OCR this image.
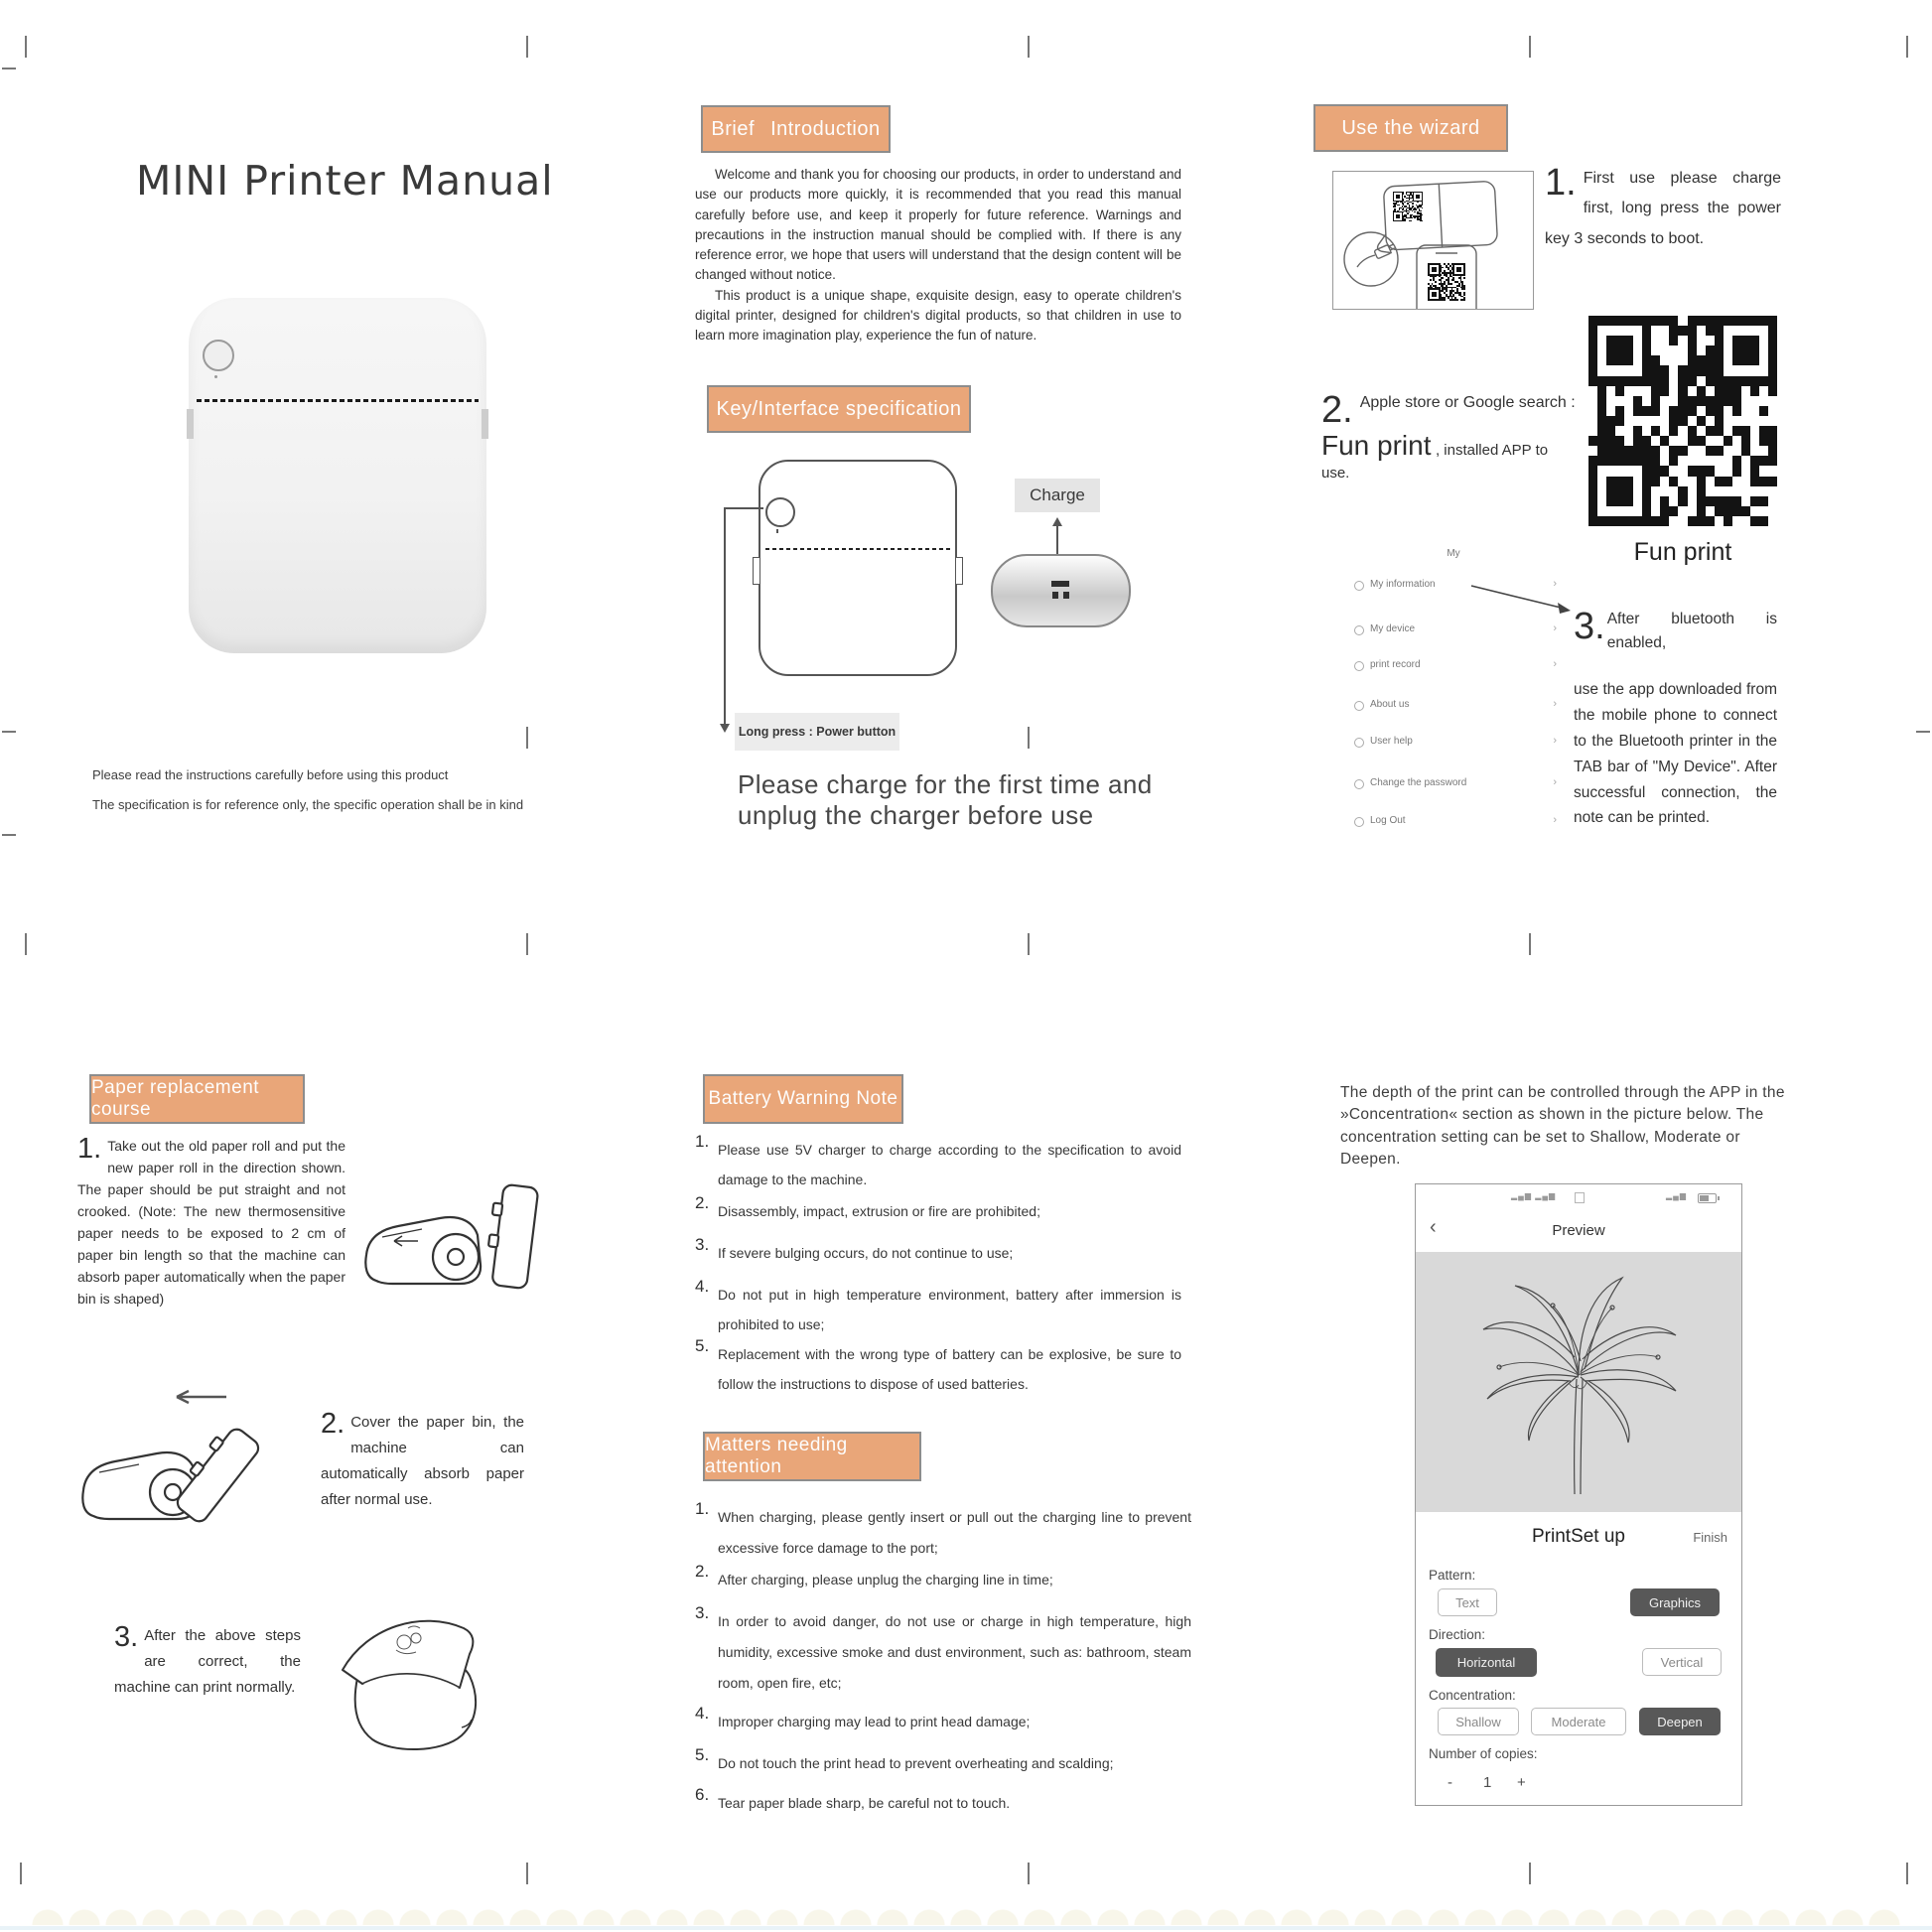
MINI Printer Manual
Please read the instructions carefully before using this product
The specification is for reference only, the specific operation shall be in kind
Brief Introduction

Welcome and thank you for choosing our products, in order to understand and use our products more quickly, it is recommended that you read this manual carefully before use, and keep it properly for future reference. Warnings and precautions in the instruction manual should be complied with. If there is any reference error, we hope that users will understand that the design content will be changed without notice.

This product is a unique shape, exquisite design, easy to operate children's digital printer, designed for children's digital products, so that children in use to learn more imagination play, experience the fun of nature.

Key/Interface specification
Long press : Power button
Charge
Please charge for the first time and unplug the charger before use
Use the wizard
1. First use please charge first, long press the power key 3 seconds to boot.
Fun print
2. Apple store or Google search :
Fun print , installed APP to use.
My
My information	›
My device	›
print record	›
About us	›
User help	›
Change the password	›
Log Out	›
3. After bluetooth is enabled,
use the app downloaded from the mobile phone to connect to the Bluetooth printer in the TAB bar of "My Device". After successful connection, the note can be printed.
Paper replacement course
1. Take out the old paper roll and put the new paper roll in the direction shown. The paper should be put straight and not crooked. (Note: The new thermosensitive paper needs to be exposed to 2 cm of paper bin length so that the machine can absorb paper automatically when the paper bin is shaped)
2. Cover the paper bin, the machine can automatically absorb paper after normal use.
3. After the above steps are correct, the machine can print normally.
Battery Warning Note
1. Please use 5V charger to charge according to the specification to avoid damage to the machine.
2. Disassembly, impact, extrusion or fire are prohibited;
3. If severe bulging occurs, do not continue to use;
4. Do not put in high temperature environment, battery after immersion is prohibited to use;
5. Replacement with the wrong type of battery can be explosive, be sure to follow the instructions to dispose of used batteries.
Matters needing attention
1. When charging, please gently insert or pull out the charging line to prevent excessive force damage to the port;
2. After charging, please unplug the charging line in time;
3. In order to avoid danger, do not use or charge in high temperature, high humidity, excessive smoke and dust environment, such as: bathroom, steam room, open fire, etc;
4. Improper charging may lead to print head damage;
5. Do not touch the print head to prevent overheating and scalding;
6. Tear paper blade sharp, be careful not to touch.
The depth of the print can be controlled through the APP in the »Concentration« section as shown in the picture below. The concentration setting can be set to Shallow, Moderate or Deepen.
▂▄▆ ▂▄▆	▂▄▆
‹	Preview
PrintSet up	Finish
Pattern:
Text	Graphics
Direction:
Horizontal	Vertical
Concentration:
Shallow	Moderate	Deepen
Number of copies:
- 1 +
